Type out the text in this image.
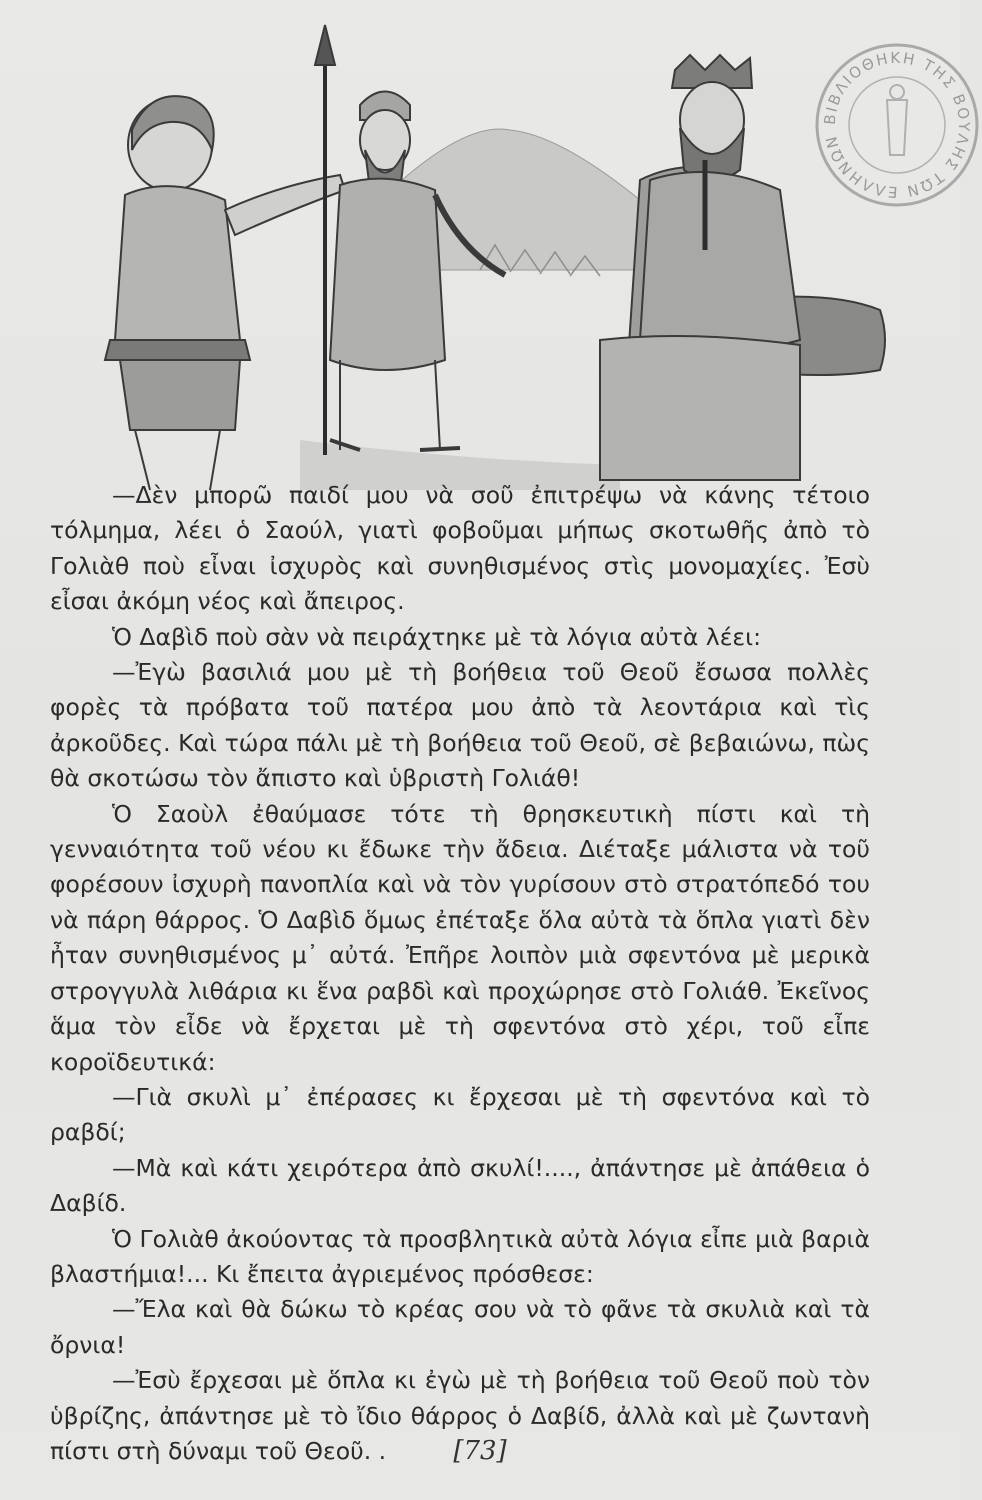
ΒΙΒΛΙΟΘΗΚΗ ΤΗΣ ΒΟΥΛΗΣ ΤΩΝ ΕΛΛΗΝΩΝ

—Δὲν μπορῶ παιδί μου νὰ σοῦ ἐπιτρέψω νὰ κάνης τέτοιο τόλμημα, λέει ὁ Σαούλ, γιατὶ φοβοῦμαι μήπως σκοτωθῆς ἀπὸ τὸ Γολιὰθ ποὺ εἶναι ἰσχυρὸς καὶ συνηθισμένος στὶς μονομαχίες. Ἐσὺ εἶσαι ἀκόμη νέος καὶ ἄπειρος.

Ὁ Δαβὶδ ποὺ σὰν νὰ πειράχτηκε μὲ τὰ λόγια αὐτὰ λέει:

—Ἐγὼ βασιλιά μου μὲ τὴ βοήθεια τοῦ Θεοῦ ἔσωσα πολλὲς φορὲς τὰ πρόβατα τοῦ πατέρα μου ἀπὸ τὰ λεοντάρια καὶ τὶς ἀρκοῦδες. Καὶ τώρα πάλι μὲ τὴ βοήθεια τοῦ Θεοῦ, σὲ βεβαιώνω, πὼς θὰ σκοτώσω τὸν ἄπιστο καὶ ὑβριστὴ Γολιάθ!

Ὁ Σαοὺλ ἐθαύμασε τότε τὴ θρησκευτικὴ πίστι καὶ τὴ γενναιότητα τοῦ νέου κι ἔδωκε τὴν ἄδεια. Διέταξε μάλιστα νὰ τοῦ φορέσουν ἰσχυρὴ πανοπλία καὶ νὰ τὸν γυρίσουν στὸ στρατόπεδό του νὰ πάρη θάρρος. Ὁ Δαβὶδ ὅμως ἐπέταξε ὅλα αὐτὰ τὰ ὅπλα γιατὶ δὲν ἦταν συνηθισμένος μ᾽ αὐτά. Ἐπῆρε λοιπὸν μιὰ σφεντόνα μὲ μερικὰ στρογγυλὰ λιθάρια κι ἕνα ραβδὶ καὶ προχώρησε στὸ Γολιάθ. Ἐκεῖνος ἅμα τὸν εἶδε νὰ ἔρχεται μὲ τὴ σφεντόνα στὸ χέρι, τοῦ εἶπε κοροϊδευτικά:

—Γιὰ σκυλὶ μ᾽ ἐπέρασες κι ἔρχεσαι μὲ τὴ σφεντόνα καὶ τὸ ραβδί;

—Μὰ καὶ κάτι χειρότερα ἀπὸ σκυλί!...., ἀπάντησε μὲ ἀπάθεια ὁ Δαβίδ.

Ὁ Γολιὰθ ἀκούοντας τὰ προσβλητικὰ αὐτὰ λόγια εἶπε μιὰ βαριὰ βλαστήμια!... Κι ἔπειτα ἀγριεμένος πρόσθεσε:

—Ἔλα καὶ θὰ δώκω τὸ κρέας σου νὰ τὸ φᾶνε τὰ σκυλιὰ καὶ τὰ ὄρνια!

—Ἐσὺ ἔρχεσαι μὲ ὅπλα κι ἐγὼ μὲ τὴ βοήθεια τοῦ Θεοῦ ποὺ τὸν ὑβρίζης, ἀπάντησε μὲ τὸ ἴδιο θάρρος ὁ Δαβίδ, ἀλλὰ καὶ μὲ ζωντανὴ πίστι στὴ δύναμι τοῦ Θεοῦ. .	[73]
